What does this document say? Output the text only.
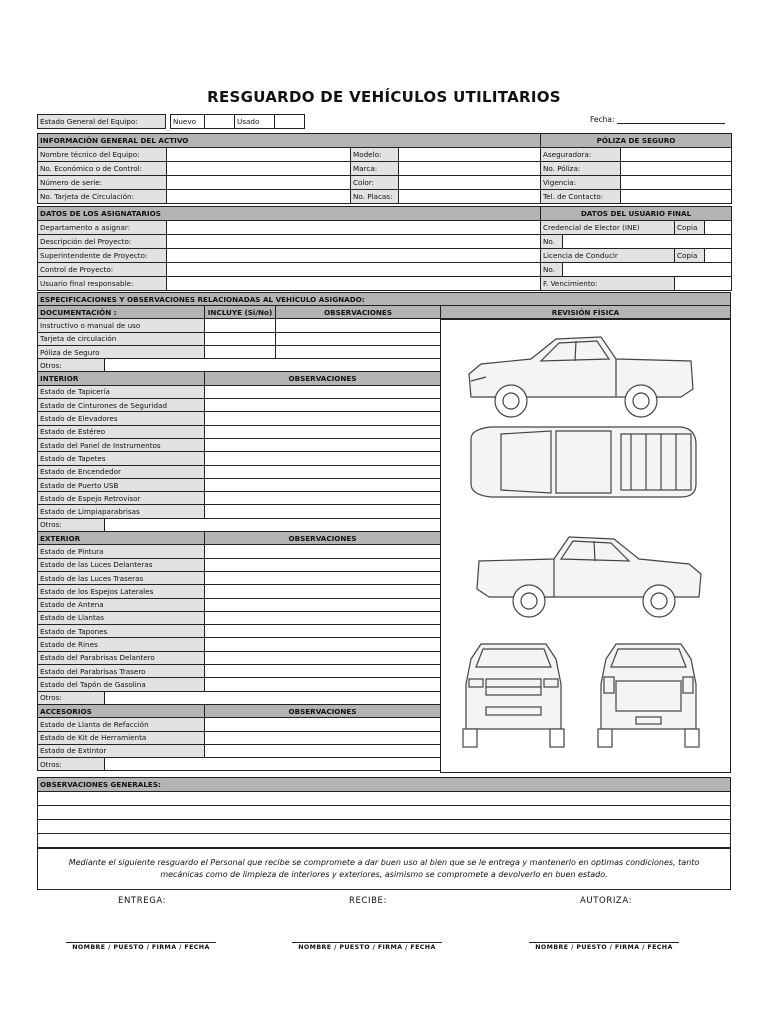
RESGUARDO DE VEHÍCULOS UTILITARIOS
Estado General del Equipo:		Nuevo		Usado		Fecha:
INFORMACIÓN GENERAL DEL ACTIVO				PÓLIZA DE SEGURO	
Nombre técnico del Equipo:		Modelo:		Aseguradora:	
No. Económico o de Control:		Marca:		No. Póliza:	
Número de serie:		Color:		Vigencia:	
No. Tarjeta de Circulación:		No. Placas:		Tel. de Contacto:	
DATOS DE LOS ASIGNATARIOS		DATOS DEL USUARIO FINAL			
Departamento a asignar:		Credencial de Elector (INE)		Copia	
Descripción del Proyecto:		No.			
Superintendente de Proyecto:		Licencia de Conducir		Copia	
Control de Proyecto:		No.			
Usuario final responsable:		F. Vencimiento:			
ESPECIFICACIONES Y OBSERVACIONES RELACIONADAS AL VEHÍCULO ASIGNADO:
DOCUMENTACIÓN :		INCLUYE (Si/No)	OBSERVACIONES
Instructivo o manual de uso			
Tarjeta de circulación			
Póliza de Seguro			
Otros:			
INTERIOR		OBSERVACIONES	
Estado de Tapicería			
Estado de Cinturones de Seguridad			
Estado de Elevadores			
Estado de Estéreo			
Estado del Panel de Instrumentos			
Estado de Tapetes			
Estado de Encendedor			
Estado de Puerto USB			
Estado de Espejo Retrovisor			
Estado de Limpiaparabrisas			
Otros:			
EXTERIOR		OBSERVACIONES	
Estado de Pintura			
Estado de las Luces Delanteras			
Estado de las Luces Traseras			
Estado de los Espejos Laterales			
Estado de Antena			
Estado de Llantas			
Estado de Tapones			
Estado de Rines			
Estado del Parabrisas Delantero			
Estado del Parabrisas Trasero			
Estado del Tapón de Gasolina			
Otros:			
ACCESORIOS		OBSERVACIONES	
Estado de Llanta de Refacción			
Estado de Kit de Herramienta			
Estado de Extintor			
Otros:			
REVISIÓN FÍSICA
OBSERVACIONES GENERALES:

Mediante el siguiente resguardo el Personal que recibe se compromete a dar buen uso al bien que se le entrega y mantenerlo en optimas condiciones, tanto mecánicas como de limpieza de interiores y exteriores, asimismo se compromete a devolverlo en buen estado.
ENTREGA:	RECIBE:	AUTORIZA:
NOMBRE / PUESTO / FIRMA / FECHA	NOMBRE / PUESTO / FIRMA / FECHA	NOMBRE / PUESTO / FIRMA / FECHA
